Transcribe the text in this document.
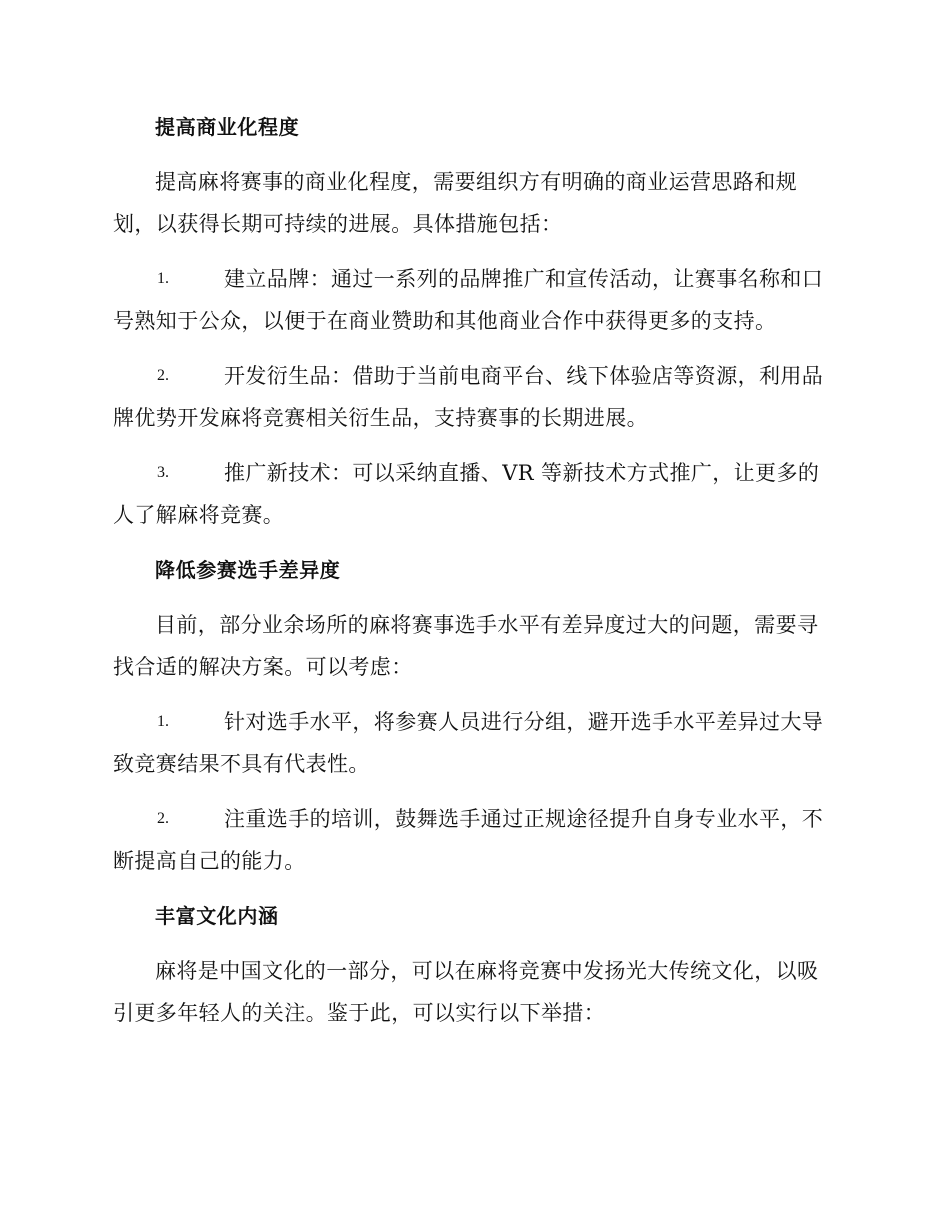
提高商业化程度
提高麻将赛事的商业化程度，需要组织方有明确的商业运营思路和规
划，以获得长期可持续的进展。具体措施包括：
1.	建立品牌：通过一系列的品牌推广和宣传活动，让赛事名称和口
号熟知于公众，以便于在商业赞助和其他商业合作中获得更多的支持。
2.	开发衍生品：借助于当前电商平台、线下体验店等资源，利用品
牌优势开发麻将竞赛相关衍生品，支持赛事的长期进展。
3.	推广新技术：可以采纳直播、VR 等新技术方式推广，让更多的
人了解麻将竞赛。
降低参赛选手差异度
目前，部分业余场所的麻将赛事选手水平有差异度过大的问题，需要寻
找合适的解决方案。可以考虑：
1.	针对选手水平，将参赛人员进行分组，避开选手水平差异过大导
致竞赛结果不具有代表性。
2.	注重选手的培训，鼓舞选手通过正规途径提升自身专业水平，不
断提高自己的能力。
丰富文化内涵
麻将是中国文化的一部分，可以在麻将竞赛中发扬光大传统文化，以吸
引更多年轻人的关注。鉴于此，可以实行以下举措：
